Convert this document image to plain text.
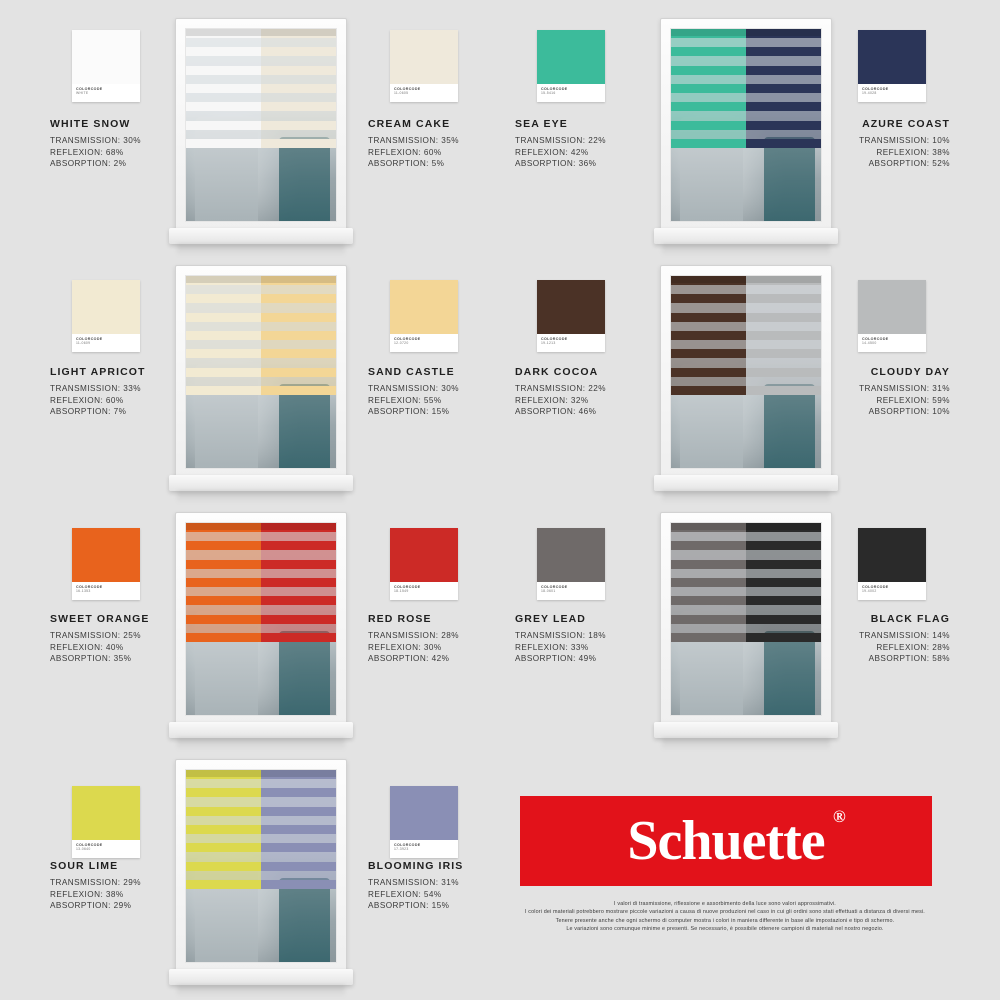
COLORCODE
WHITE
WHITE SNOW
TRANSMISSION: 30%
REFLEXION: 68%
ABSORPTION: 2%
COLORCODE
11-0605
CREAM CAKE
TRANSMISSION: 35%
REFLEXION: 60%
ABSORPTION: 5%
COLORCODE
15-5416
SEA EYE
TRANSMISSION: 22%
REFLEXION: 42%
ABSORPTION: 36%
COLORCODE
19-4028
AZURE COAST
TRANSMISSION: 10%
REFLEXION: 38%
ABSORPTION: 52%
COLORCODE
11-0609
LIGHT APRICOT
TRANSMISSION: 33%
REFLEXION: 60%
ABSORPTION: 7%
COLORCODE
12-0720
SAND CASTLE
TRANSMISSION: 30%
REFLEXION: 55%
ABSORPTION: 15%
COLORCODE
19-1213
DARK COCOA
TRANSMISSION: 22%
REFLEXION: 32%
ABSORPTION: 46%
COLORCODE
14-4500
CLOUDY DAY
TRANSMISSION: 31%
REFLEXION: 59%
ABSORPTION: 10%
COLORCODE
16-1353
SWEET ORANGE
TRANSMISSION: 25%
REFLEXION: 40%
ABSORPTION: 35%
COLORCODE
18-1549
RED ROSE
TRANSMISSION: 28%
REFLEXION: 30%
ABSORPTION: 42%
COLORCODE
18-0601
GREY LEAD
TRANSMISSION: 18%
REFLEXION: 33%
ABSORPTION: 49%
COLORCODE
19-4002
BLACK FLAG
TRANSMISSION: 14%
REFLEXION: 28%
ABSORPTION: 58%
COLORCODE
13-0640
SOUR LIME
TRANSMISSION: 29%
REFLEXION: 38%
ABSORPTION: 29%
COLORCODE
17-3923
BLOOMING IRIS
TRANSMISSION: 31%
REFLEXION: 54%
ABSORPTION: 15%
Schuette ®
I valori di trasmissione, riflessione e assorbimento della luce sono valori approssimativi.
I colori dei materiali potrebbero mostrare piccole variazioni a causa di nuove produzioni nel caso in cui gli ordini sono stati effettuati a distanza di diversi mesi.
Tenere presente anche che ogni schermo di computer mostra i colori in maniera differente in base alle impostazioni e tipo di schermo.
Le variazioni sono comunque minime e presenti. Se necessario, è possibile ottenere campioni di materiali nel nostro negozio.
